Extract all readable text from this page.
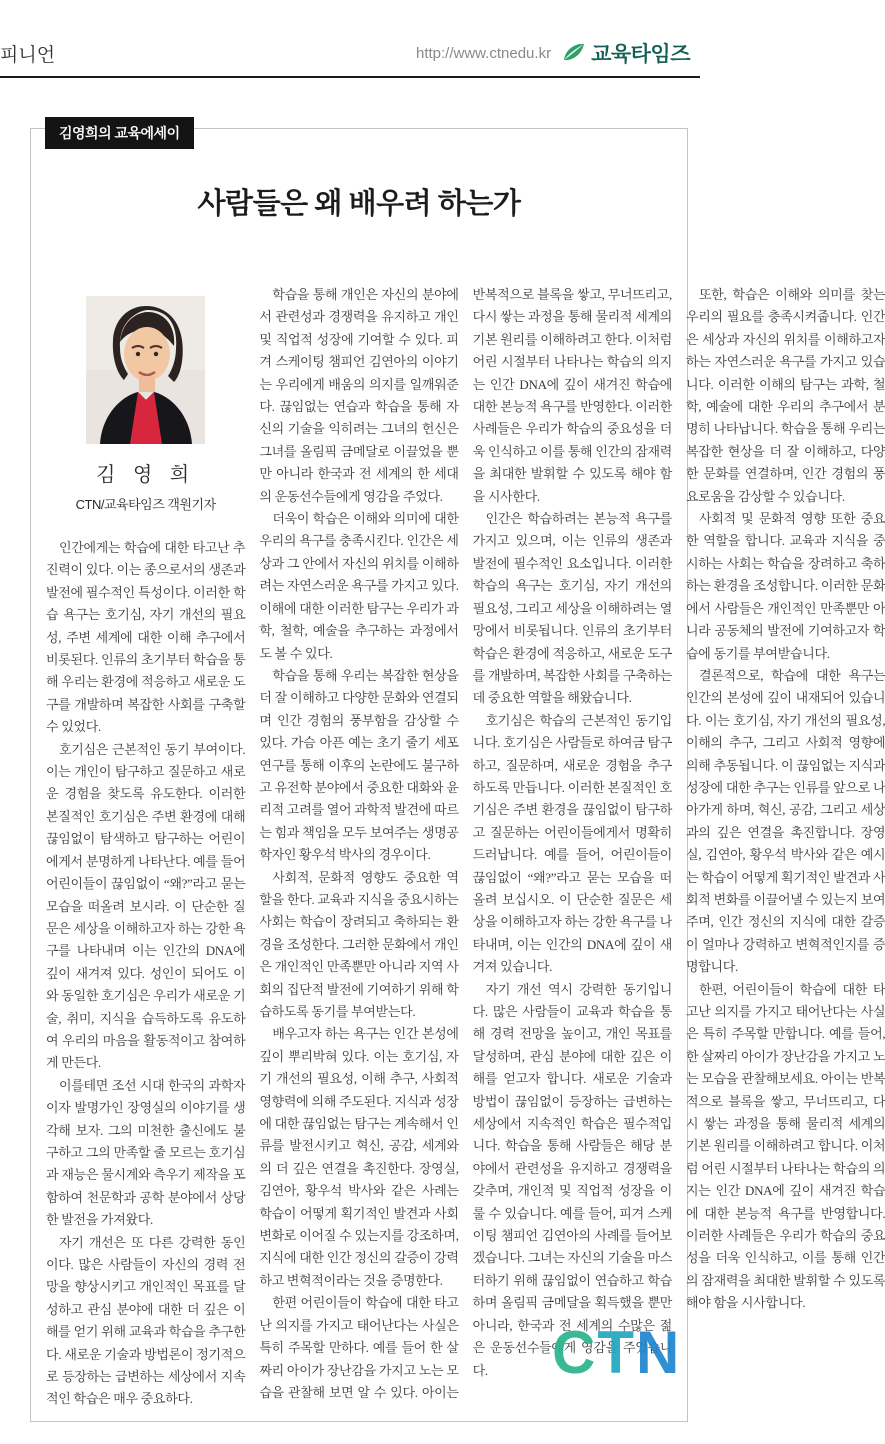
피니언	http://www.ctnedu.kr 교육타임즈
김영희의 교육에세이
사람들은 왜 배우려 하는가
김 영 희
CTN/교육타임즈 객원기자

인간에게는 학습에 대한 타고난 추진력이 있다. 이는 종으로서의 생존과 발전에 필수적인 특성이다. 이러한 학습 욕구는 호기심, 자기 개선의 필요성, 주변 세계에 대한 이해 추구에서 비롯된다. 인류의 초기부터 학습을 통해 우리는 환경에 적응하고 새로운 도구를 개발하며 복잡한 사회를 구축할 수 있었다.

호기심은 근본적인 동기 부여이다. 이는 개인이 탐구하고 질문하고 새로운 경험을 찾도록 유도한다. 이러한 본질적인 호기심은 주변 환경에 대해 끊임없이 탐색하고 탐구하는 어린이에게서 분명하게 나타난다. 예를 들어 어린이들이 끊임없이 “왜?”라고 묻는 모습을 떠올려 보시라. 이 단순한 질문은 세상을 이해하고자 하는 강한 욕구를 나타내며 이는 인간의 DNA에 깊이 새겨져 있다. 성인이 되어도 이와 동일한 호기심은 우리가 새로운 기술, 취미, 지식을 습득하도록 유도하여 우리의 마음을 활동적이고 참여하게 만든다.

이를테면 조선 시대 한국의 과학자이자 발명가인 장영실의 이야기를 생각해 보자. 그의 미천한 출신에도 불구하고 그의 만족할 줄 모르는 호기심과 재능은 물시계와 측우기 제작을 포함하여 천문학과 공학 분야에서 상당한 발전을 가져왔다.

자기 개선은 또 다른 강력한 동인이다. 많은 사람들이 자신의 경력 전망을 향상시키고 개인적인 목표를 달성하고 관심 분야에 대한 더 깊은 이해를 얻기 위해 교육과 학습을 추구한다. 새로운 기술과 방법론이 정기적으로 등장하는 급변하는 세상에서 지속적인 학습은 매우 중요하다.

학습을 통해 개인은 자신의 분야에서 관련성과 경쟁력을 유지하고 개인 및 직업적 성장에 기여할 수 있다. 피겨 스케이팅 챔피언 김연아의 이야기는 우리에게 배움의 의지를 일깨워준다. 끊임없는 연습과 학습을 통해 자신의 기술을 익히려는 그녀의 헌신은 그녀를 올림픽 금메달로 이끌었을 뿐만 아니라 한국과 전 세계의 한 세대의 운동선수들에게 영감을 주었다.

더욱이 학습은 이해와 의미에 대한 우리의 욕구를 충족시킨다. 인간은 세상과 그 안에서 자신의 위치를 이해하려는 자연스러운 욕구를 가지고 있다. 이해에 대한 이러한 탐구는 우리가 과학, 철학, 예술을 추구하는 과정에서도 볼 수 있다.

학습을 통해 우리는 복잡한 현상을 더 잘 이해하고 다양한 문화와 연결되며 인간 경험의 풍부함을 감상할 수 있다. 가슴 아픈 예는 초기 줄기 세포 연구를 통해 이후의 논란에도 불구하고 유전학 분야에서 중요한 대화와 윤리적 고려를 열어 과학적 발견에 따르는 힘과 책임을 모두 보여주는 생명공학자인 황우석 박사의 경우이다.

사회적, 문화적 영향도 중요한 역할을 한다. 교육과 지식을 중요시하는 사회는 학습이 장려되고 축하되는 환경을 조성한다. 그러한 문화에서 개인은 개인적인 만족뿐만 아니라 지역 사회의 집단적 발전에 기여하기 위해 학습하도록 동기를 부여받는다.

배우고자 하는 욕구는 인간 본성에 깊이 뿌리박혀 있다. 이는 호기심, 자기 개선의 필요성, 이해 추구, 사회적 영향력에 의해 주도된다. 지식과 성장에 대한 끊임없는 탐구는 계속해서 인류를 발전시키고 혁신, 공감, 세계와의 더 깊은 연결을 촉진한다. 장영실, 김연아, 황우석 박사와 같은 사례는 학습이 어떻게 획기적인 발견과 사회 변화로 이어질 수 있는지를 강조하며, 지식에 대한 인간 정신의 갈증이 강력하고 변혁적이라는 것을 증명한다.

한편 어린이들이 학습에 대한 타고난 의지를 가지고 태어난다는 사실은 특히 주목할 만하다. 예를 들어 한 살짜리 아이가 장난감을 가지고 노는 모습을 관찰해 보면 알 수 있다. 아이는 반복적으로 블록을 쌓고, 무너뜨리고, 다시 쌓는 과정을 통해 물리적 세계의 기본 원리를 이해하려고 한다. 이처럼 어린 시절부터 나타나는 학습의 의지는 인간 DNA에 깊이 새겨진 학습에 대한 본능적 욕구를 반영한다. 이러한 사례들은 우리가 학습의 중요성을 더욱 인식하고 이를 통해 인간의 잠재력을 최대한 발휘할 수 있도록 해야 함을 시사한다.

인간은 학습하려는 본능적 욕구를 가지고 있으며, 이는 인류의 생존과 발전에 필수적인 요소입니다. 이러한 학습의 욕구는 호기심, 자기 개선의 필요성, 그리고 세상을 이해하려는 열망에서 비롯됩니다. 인류의 초기부터 학습은 환경에 적응하고, 새로운 도구를 개발하며, 복잡한 사회를 구축하는 데 중요한 역할을 해왔습니다.

호기심은 학습의 근본적인 동기입니다. 호기심은 사람들로 하여금 탐구하고, 질문하며, 새로운 경험을 추구하도록 만듭니다. 이러한 본질적인 호기심은 주변 환경을 끊임없이 탐구하고 질문하는 어린이들에게서 명확히 드러납니다. 예를 들어, 어린이들이 끊임없이 “왜?”라고 묻는 모습을 떠올려 보십시오. 이 단순한 질문은 세상을 이해하고자 하는 강한 욕구를 나타내며, 이는 인간의 DNA에 깊이 새겨져 있습니다.

자기 개선 역시 강력한 동기입니다. 많은 사람들이 교육과 학습을 통해 경력 전망을 높이고, 개인 목표를 달성하며, 관심 분야에 대한 깊은 이해를 얻고자 합니다. 새로운 기술과 방법이 끊임없이 등장하는 급변하는 세상에서 지속적인 학습은 필수적입니다. 학습을 통해 사람들은 해당 분야에서 관련성을 유지하고 경쟁력을 갖추며, 개인적 및 직업적 성장을 이룰 수 있습니다. 예를 들어, 피겨 스케이팅 챔피언 김연아의 사례를 들어보겠습니다. 그녀는 자신의 기술을 마스터하기 위해 끊임없이 연습하고 학습하며 올림픽 금메달을 획득했을 뿐만 아니라, 한국과 전 세계의 수많은 젊은 운동선수들에게 영감을 주었습니다.

또한, 학습은 이해와 의미를 찾는 우리의 필요를 충족시켜줍니다. 인간은 세상과 자신의 위치를 이해하고자 하는 자연스러운 욕구를 가지고 있습니다. 이러한 이해의 탐구는 과학, 철학, 예술에 대한 우리의 추구에서 분명히 나타납니다. 학습을 통해 우리는 복잡한 현상을 더 잘 이해하고, 다양한 문화를 연결하며, 인간 경험의 풍요로움을 감상할 수 있습니다.

사회적 및 문화적 영향 또한 중요한 역할을 합니다. 교육과 지식을 중시하는 사회는 학습을 장려하고 축하하는 환경을 조성합니다. 이러한 문화에서 사람들은 개인적인 만족뿐만 아니라 공동체의 발전에 기여하고자 학습에 동기를 부여받습니다.

결론적으로, 학습에 대한 욕구는 인간의 본성에 깊이 내재되어 있습니다. 이는 호기심, 자기 개선의 필요성, 이해의 추구, 그리고 사회적 영향에 의해 추동됩니다. 이 끊임없는 지식과 성장에 대한 추구는 인류를 앞으로 나아가게 하며, 혁신, 공감, 그리고 세상과의 깊은 연결을 촉진합니다. 장영실, 김연아, 황우석 박사와 같은 예시는 학습이 어떻게 획기적인 발견과 사회적 변화를 이끌어낼 수 있는지 보여주며, 인간 정신의 지식에 대한 갈증이 얼마나 강력하고 변혁적인지를 증명합니다.

한편, 어린이들이 학습에 대한 타고난 의지를 가지고 태어난다는 사실은 특히 주목할 만합니다. 예를 들어, 한 살짜리 아이가 장난감을 가지고 노는 모습을 관찰해보세요. 아이는 반복적으로 블록을 쌓고, 무너뜨리고, 다시 쌓는 과정을 통해 물리적 세계의 기본 원리를 이해하려고 합니다. 이처럼 어린 시절부터 나타나는 학습의 의지는 인간 DNA에 깊이 새겨진 학습에 대한 본능적 욕구를 반영합니다. 이러한 사례들은 우리가 학습의 중요성을 더욱 인식하고, 이를 통해 인간의 잠재력을 최대한 발휘할 수 있도록 해야 함을 시사합니다.

CTN
